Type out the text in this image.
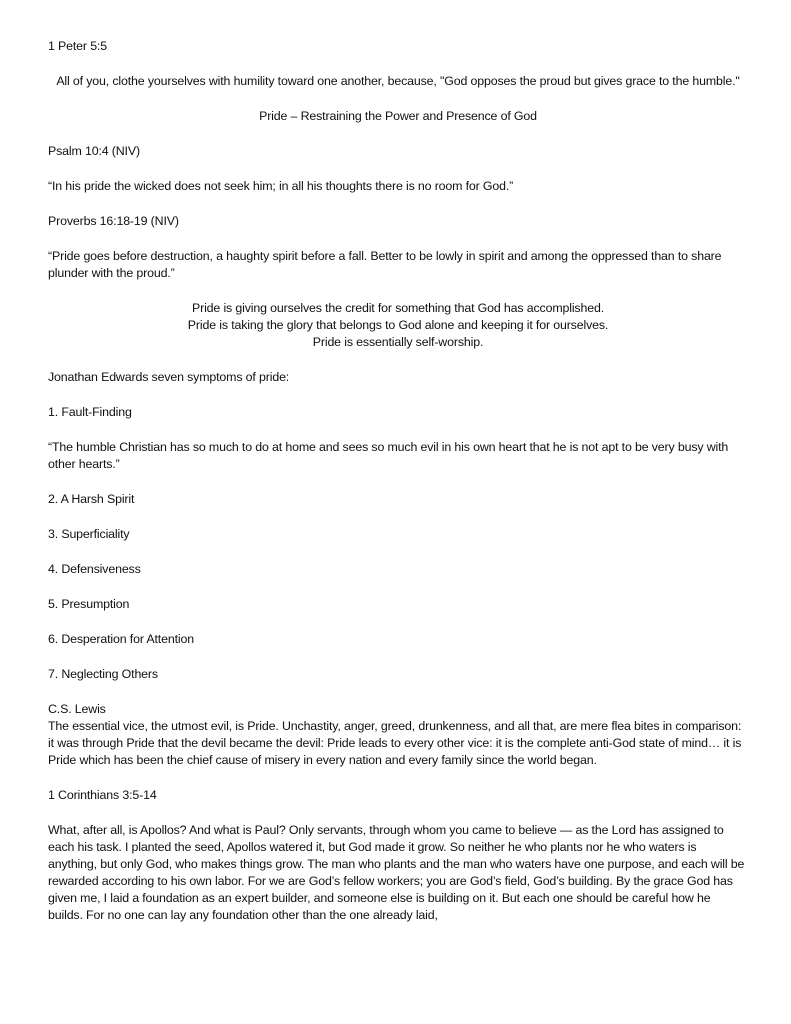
1 Peter 5:5

All of you, clothe yourselves with humility toward one another, because, "God opposes the proud but gives grace to the humble."

Pride – Restraining the Power and Presence of God

Psalm 10:4 (NIV)

“In his pride the wicked does not seek him; in all his thoughts there is no room for God.”

Proverbs 16:18-19 (NIV)

“Pride goes before destruction, a haughty spirit before a fall. Better to be lowly in spirit and among the oppressed than to share plunder with the proud.”

Pride is giving ourselves the credit for something that God has accomplished.
Pride is taking the glory that belongs to God alone and keeping it for ourselves.
Pride is essentially self-worship.

Jonathan Edwards seven symptoms of pride:

1. Fault-Finding

“The humble Christian has so much to do at home and sees so much evil in his own heart that he is not apt to be very busy with other hearts.”

2. A Harsh Spirit

3. Superficiality

4. Defensiveness

5. Presumption

6. Desperation for Attention

7. Neglecting Others

C.S. Lewis

The essential vice, the utmost evil, is Pride. Unchastity, anger, greed, drunkenness, and all that, are mere flea bites in comparison: it was through Pride that the devil became the devil: Pride leads to every other vice: it is the complete anti-God state of mind… it is Pride which has been the chief cause of misery in every nation and every family since the world began.

1 Corinthians 3:5-14

What, after all, is Apollos? And what is Paul? Only servants, through whom you came to believe — as the Lord has assigned to each his task. I planted the seed, Apollos watered it, but God made it grow. So neither he who plants nor he who waters is anything, but only God, who makes things grow. The man who plants and the man who waters have one purpose, and each will be rewarded according to his own labor. For we are God’s fellow workers; you are God’s field, God’s building. By the grace God has given me, I laid a foundation as an expert builder, and someone else is building on it. But each one should be careful how he builds. For no one can lay any foundation other than the one already laid,
